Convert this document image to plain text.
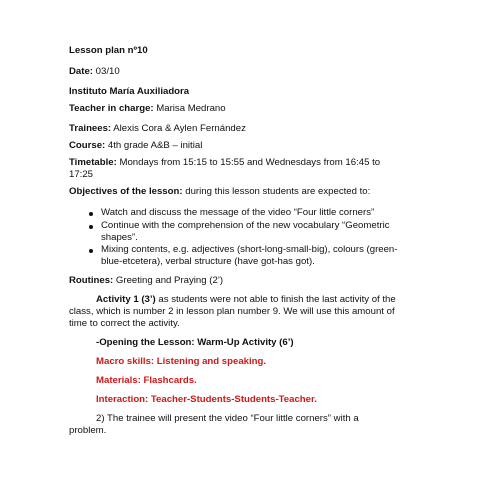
Lesson plan nº10
Date: 03/10
Instituto María Auxiliadora
Teacher in charge: Marisa Medrano
Trainees: Alexis Cora & Aylen Fernández
Course: 4th grade A&B – initial
Timetable: Mondays from 15:15 to 15:55 and Wednesdays from 16:45 to
17:25
Objectives of the lesson: during this lesson students are expected to:
Watch and discuss the message of the video “Four little corners”
Continue with the comprehension of the new vocabulary “Geometric
shapes”.
Mixing contents, e.g. adjectives (short-long-small-big), colours (green-
blue-etcetera), verbal structure (have got-has got).
Routines: Greeting and Praying (2’)
Activity 1 (3’) as students were not able to finish the last activity of the
class, which is number 2 in lesson plan number 9. We will use this amount of
time to correct the activity.
-Opening the Lesson: Warm-Up Activity (6’)
Macro skills: Listening and speaking.
Materials: Flashcards.
Interaction: Teacher-Students-Students-Teacher.
2) The trainee will present the video “Four little corners” with a
problem.
